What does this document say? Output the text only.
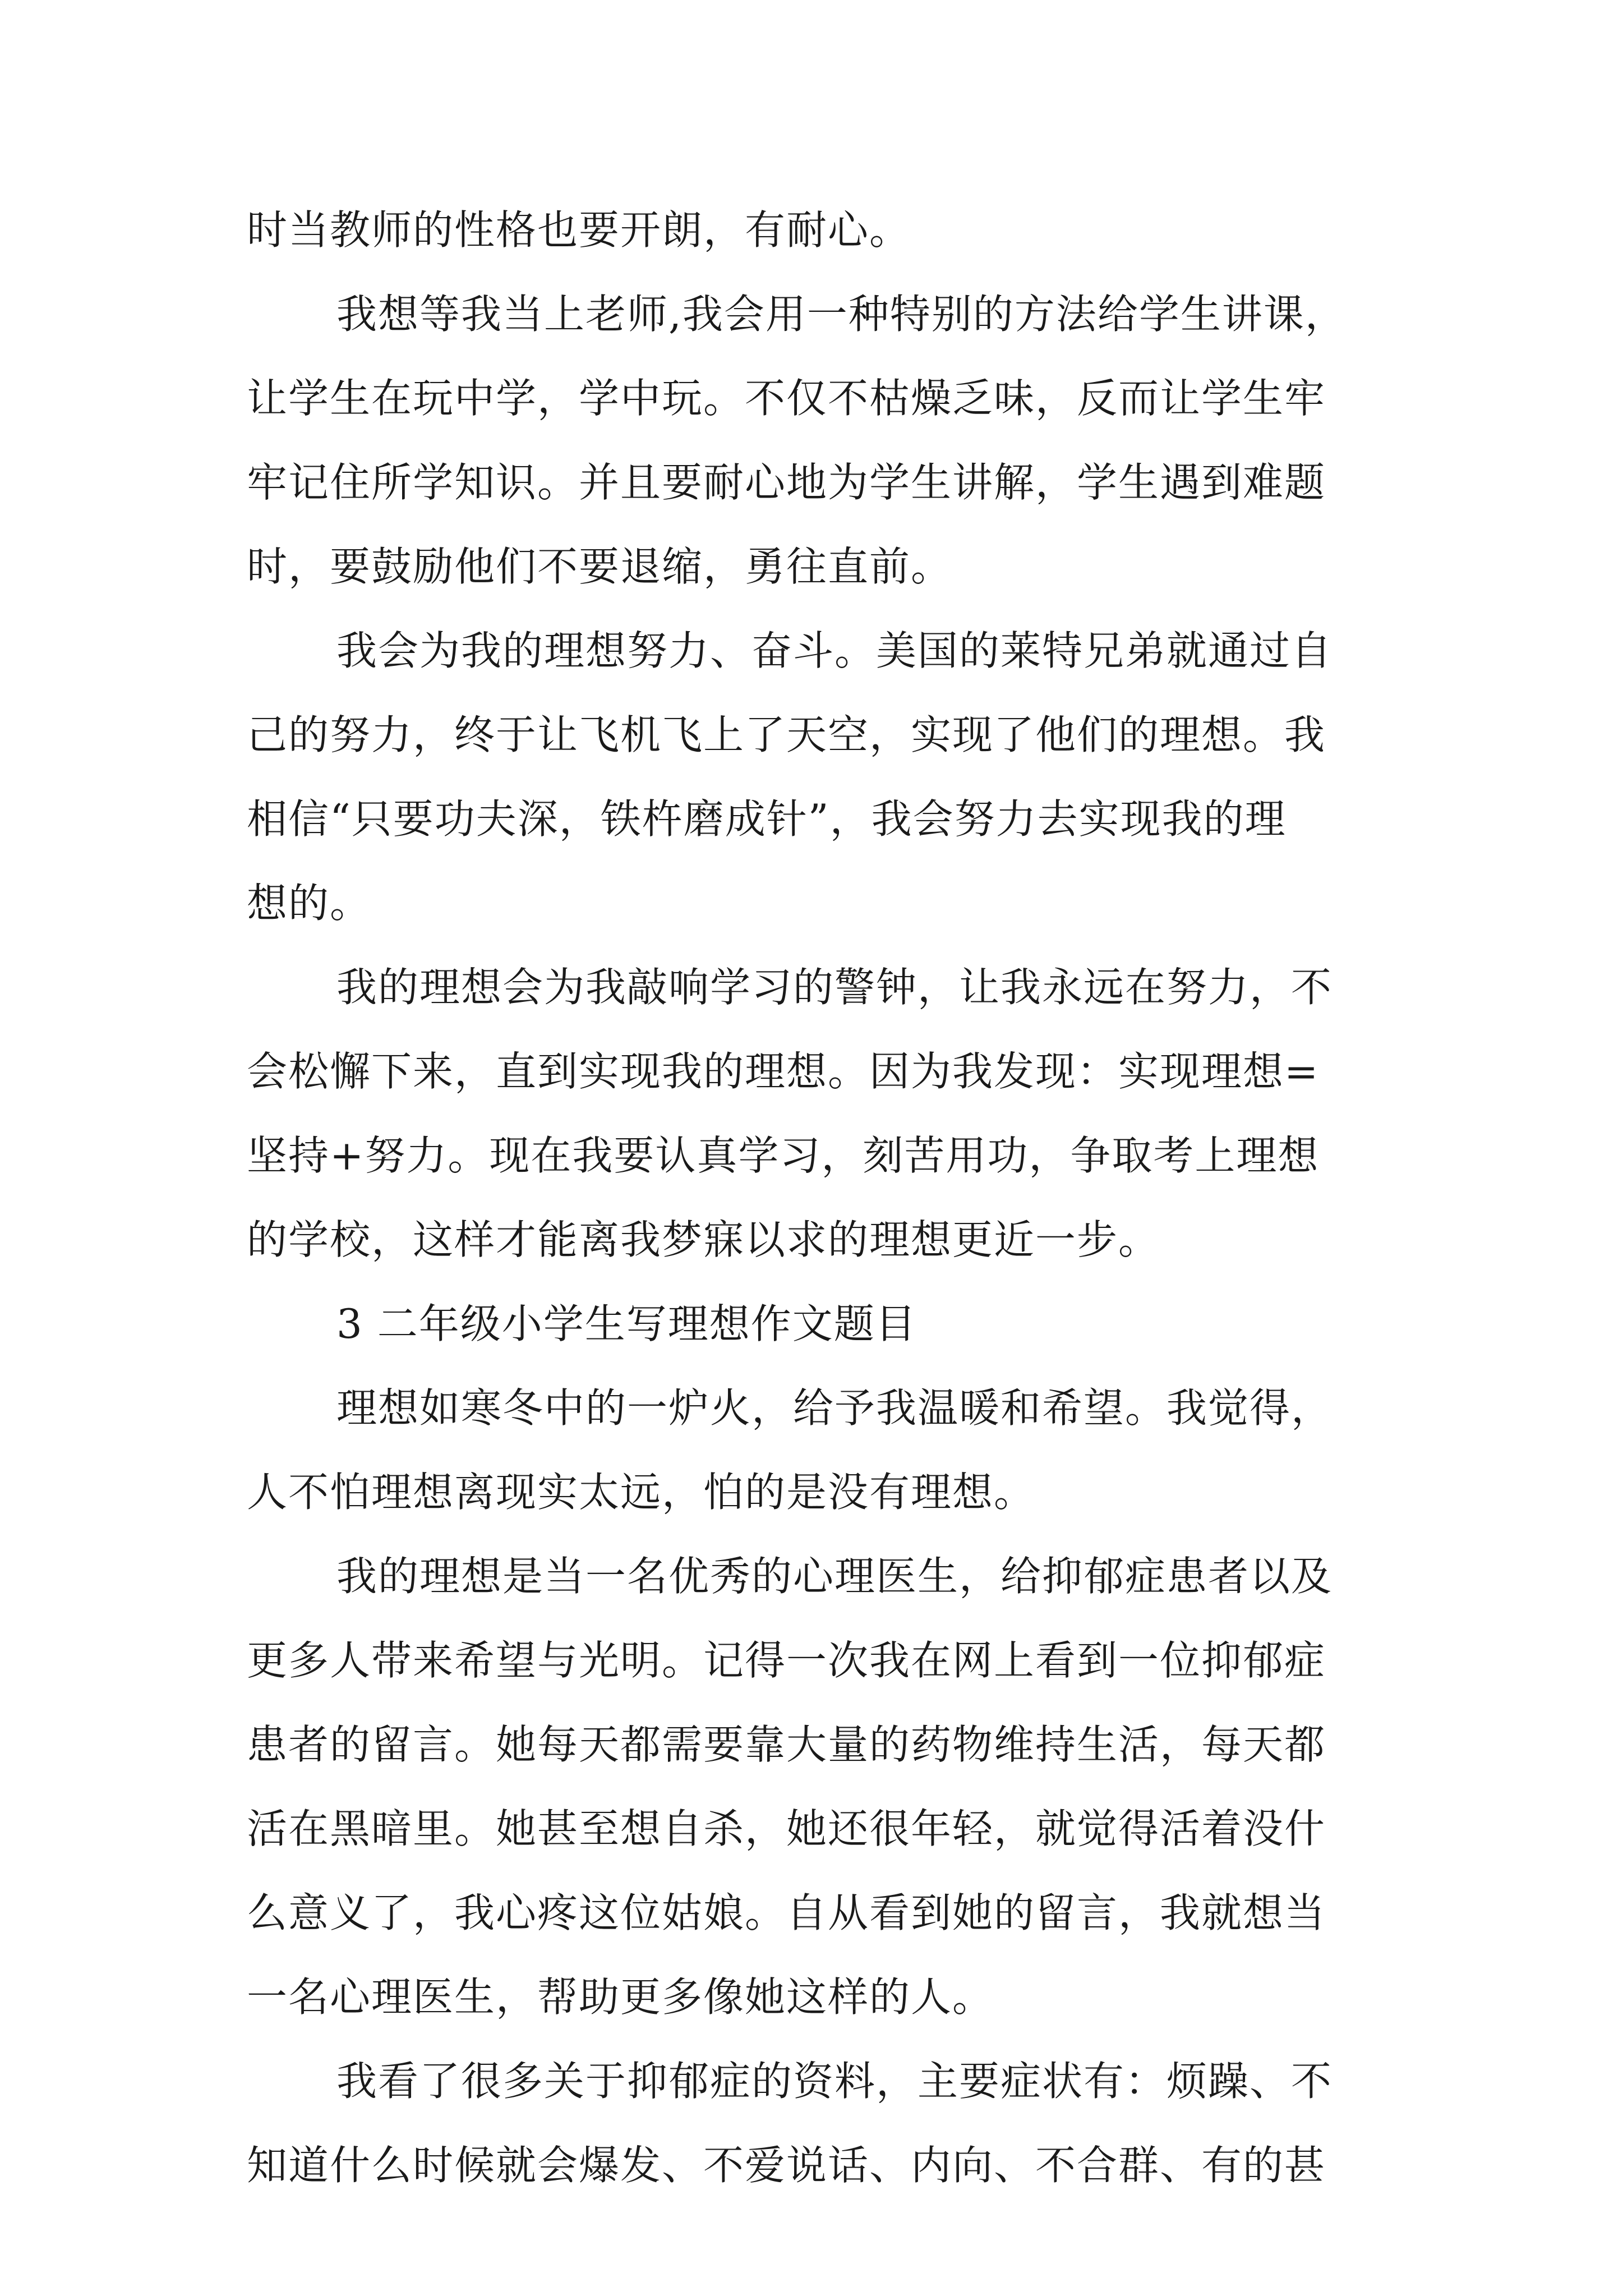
时当教师的性格也要开朗，有耐心。
我想等我当上老师,我会用一种特别的方法给学生讲课，
让学生在玩中学，学中玩。不仅不枯燥乏味，反而让学生牢
牢记住所学知识。并且要耐心地为学生讲解，学生遇到难题
时，要鼓励他们不要退缩，勇往直前。
我会为我的理想努力、奋斗。美国的莱特兄弟就通过自
己的努力，终于让飞机飞上了天空，实现了他们的理想。我
相信“只要功夫深，铁杵磨成针”，我会努力去实现我的理
想的。
我的理想会为我敲响学习的警钟，让我永远在努力，不
会松懈下来，直到实现我的理想。因为我发现：实现理想=
坚持+努力。现在我要认真学习，刻苦用功，争取考上理想
的学校，这样才能离我梦寐以求的理想更近一步。
3 二年级小学生写理想作文题目
理想如寒冬中的一炉火，给予我温暖和希望。我觉得，
人不怕理想离现实太远，怕的是没有理想。
我的理想是当一名优秀的心理医生，给抑郁症患者以及
更多人带来希望与光明。记得一次我在网上看到一位抑郁症
患者的留言。她每天都需要靠大量的药物维持生活，每天都
活在黑暗里。她甚至想自杀，她还很年轻，就觉得活着没什
么意义了，我心疼这位姑娘。自从看到她的留言，我就想当
一名心理医生，帮助更多像她这样的人。
我看了很多关于抑郁症的资料，主要症状有：烦躁、不
知道什么时候就会爆发、不爱说话、内向、不合群、有的甚
